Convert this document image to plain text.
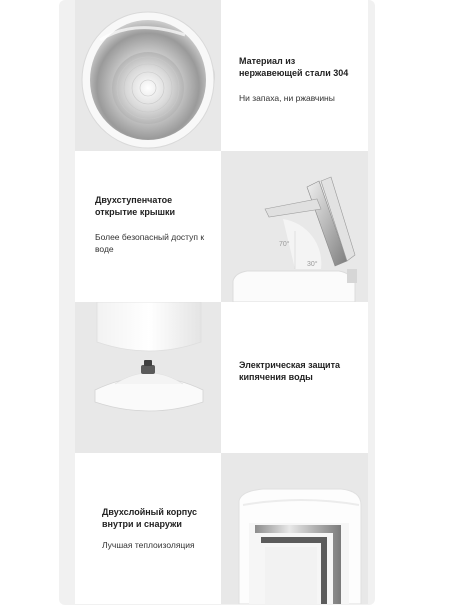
Материал из нержавеющей стали 304
Ни запаха, ни ржавчины
Двухступенчатое открытие крышки
Более безопасный доступ к воде	70°
30°
Электрическая защита кипячения воды
Двухслойный корпус внутри и снаружи
Лучшая теплоизоляция
